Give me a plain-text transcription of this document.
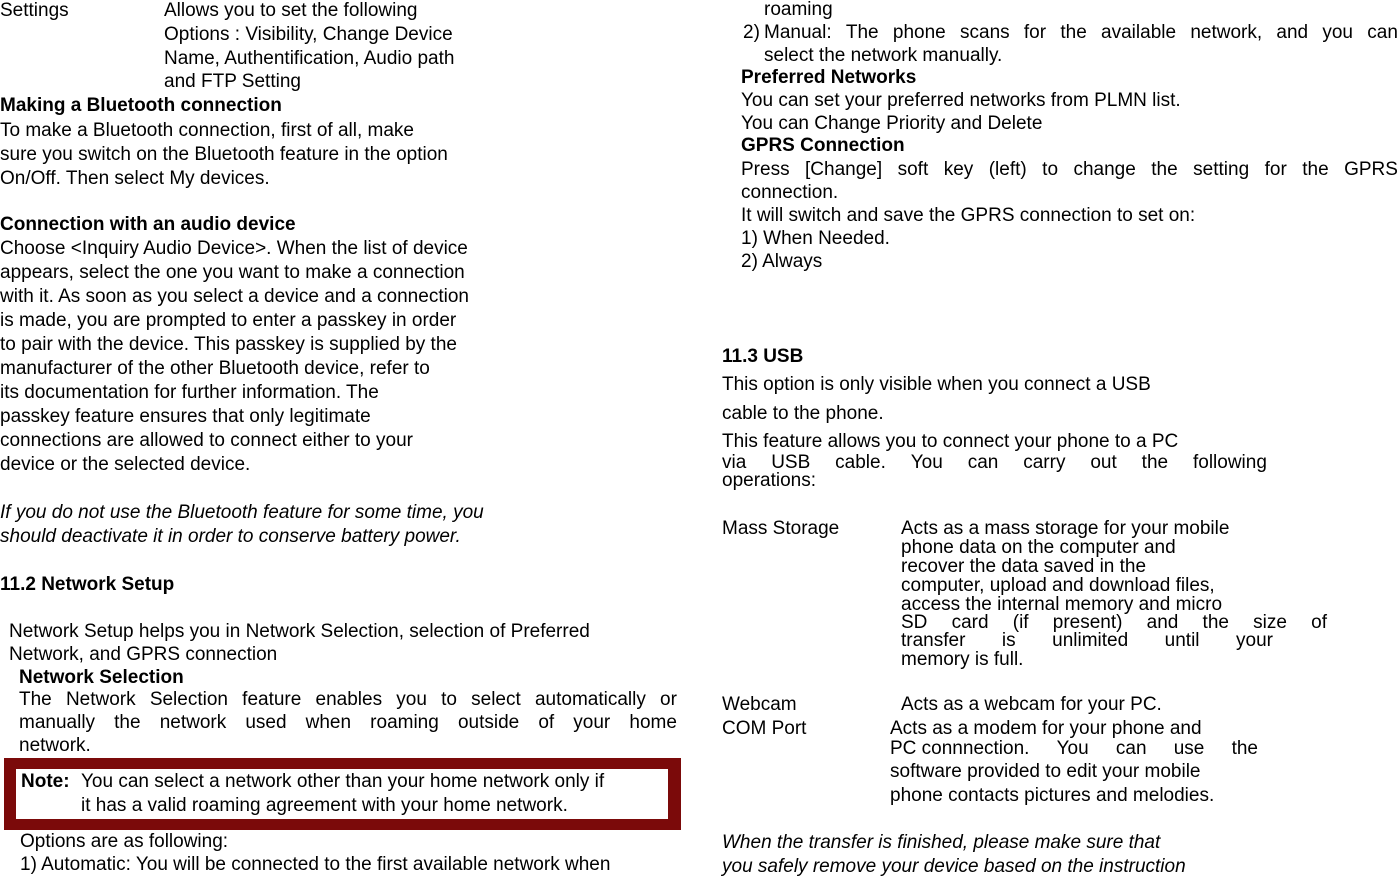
Settings	Allows you to set the following
Options : Visibility, Change Device
Name, Authentification, Audio path
and FTP Setting
Making a Bluetooth connection
To make a Bluetooth connection, first of all, make
sure you switch on the Bluetooth feature in the option
On/Off. Then select My devices.
Connection with an audio device
Choose <Inquiry Audio Device>. When the list of device
appears, select the one you want to make a connection
with it. As soon as you select a device and a connection
is made, you are prompted to enter a passkey in order
to pair with the device. This passkey is supplied by the
manufacturer of the other Bluetooth device, refer to
its documentation for further information. The
passkey feature ensures that only legitimate
connections are allowed to connect either to your
device or the selected device.
If you do not use the Bluetooth feature for some time, you
should deactivate it in order to conserve battery power.
11.2 Network Setup
Network Setup helps you in Network Selection, selection of Preferred
Network, and GPRS connection
Network Selection
The Network Selection feature enables you to select automatically or
manually the network used when roaming outside of your home
network.
Note: You can select a network other than your home network only if
it has a valid roaming agreement with your home network.
Options are as following:
1) Automatic: You will be connected to the first available network when
roaming
2) Manual: The phone scans for the available network, and you can
select the network manually.
Preferred Networks
You can set your preferred networks from PLMN list.
You can Change Priority and Delete
GPRS Connection
Press [Change] soft key (left) to change the setting for the GPRS
connection.
It will switch and save the GPRS connection to set on:
1) When Needed.
2) Always
11.3 USB
This option is only visible when you connect a USB
cable to the phone.
This feature allows you to connect your phone to a PC
via USB cable. You can carry out the following
operations:
Mass Storage	Acts as a mass storage for your mobile
phone data on the computer and
recover the data saved in the
computer, upload and download files,
access the internal memory and micro
SD card (if present) and the size of
transfer is unlimited until your
memory is full.
Webcam	Acts as a webcam for your PC.
COM Port	Acts as a modem for your phone and
PC connnection. You can use the
software provided to edit your mobile
phone contacts pictures and melodies.
When the transfer is finished, please make sure that
you safely remove your device based on the instruction
